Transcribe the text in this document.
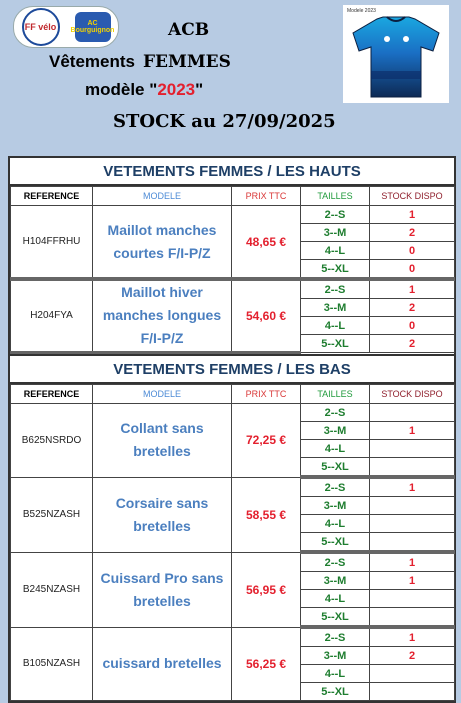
FF vélo	AC Bourguignon	ACB
Vêtements FEMMES
modèle "2023"
STOCK au 27/09/2025
Modele 2023
VETEMENTS FEMMES / LES HAUTS
REFERENCE	MODELE	PRIX TTC	TAILLES	STOCK DISPO
H104FFRHU	Maillot manches courtes F/I-P/Z	48,65 €	2--S	1
			3--M	2
			4--L	0
			5--XL	0
H204FYA	Maillot hiver manches longues F/I-P/Z	54,60 €	2--S	1
			3--M	2
			4--L	0
			5--XL	2
VETEMENTS FEMMES / LES BAS
REFERENCE	MODELE	PRIX TTC	TAILLES	STOCK DISPO
B625NSRDO	Collant sans bretelles	72,25 €	2--S	
			3--M	1
			4--L	
			5--XL	
B525NZASH	Corsaire sans bretelles	58,55 €	2--S	1
			3--M	
			4--L	
			5--XL	
B245NZASH	Cuissard Pro sans bretelles	56,95 €	2--S	1
			3--M	1
			4--L	
			5--XL	
B105NZASH	cuissard bretelles	56,25 €	2--S	1
			3--M	2
			4--L	
			5--XL	
